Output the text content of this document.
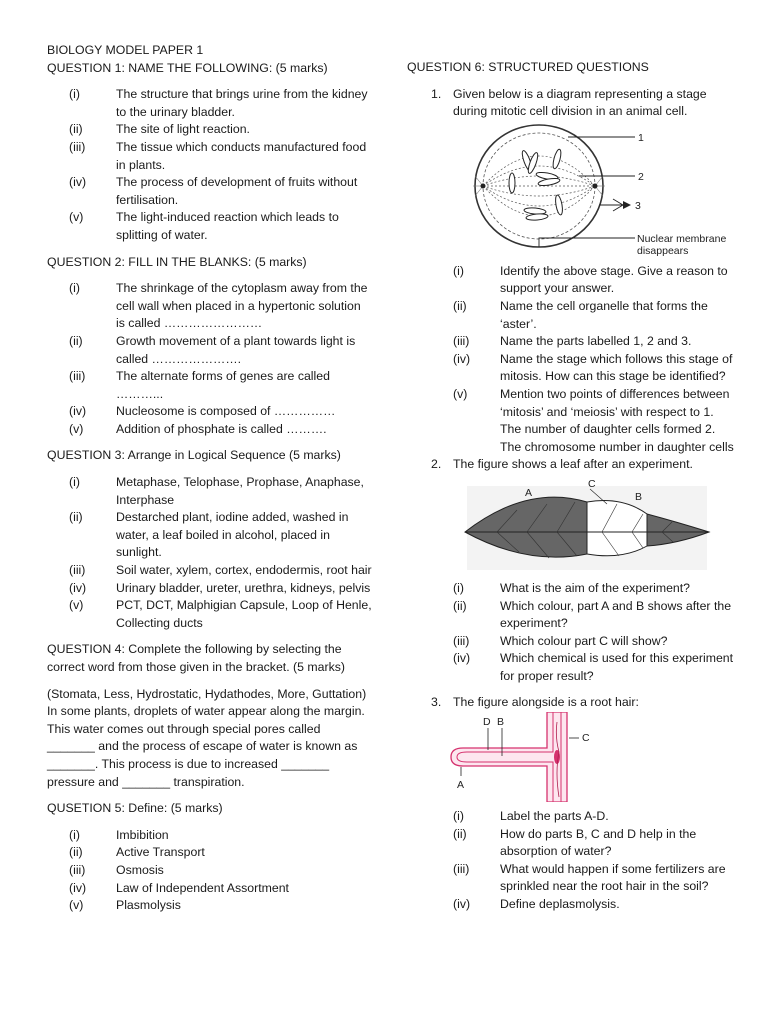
BIOLOGY MODEL PAPER 1
QUESTION 1: NAME THE FOLLOWING: (5 marks)
(i)	The structure that brings urine from the kidney to the urinary bladder.
(ii)	The site of light reaction.
(iii)	The tissue which conducts manufactured food in plants.
(iv)	The process of development of fruits without fertilisation.
(v)	The light-induced reaction which leads to splitting of water.
QUESTION 2: FILL IN THE BLANKS: (5 marks)
(i)	The shrinkage of the cytoplasm away from the cell wall when placed in a hypertonic solution is called ……………………
(ii)	Growth movement of a plant towards light is called ………………….
(iii)	The alternate forms of genes are called ………...
(iv)	Nucleosome is composed of ……………
(v)	Addition of phosphate is called ……….
QUESTION 3: Arrange in Logical Sequence (5 marks)
(i)	Metaphase, Telophase, Prophase, Anaphase, Interphase
(ii)	Destarched plant, iodine added, washed in water, a leaf boiled in alcohol, placed in sunlight.
(iii)	Soil water, xylem, cortex, endodermis, root hair
(iv)	Urinary bladder, ureter, urethra, kidneys, pelvis
(v)	PCT, DCT, Malphigian Capsule, Loop of Henle, Collecting ducts
QUESTION 4: Complete the following by selecting the correct word from those given in the bracket. (5 marks)
(Stomata, Less, Hydrostatic, Hydathodes, More, Guttation) In some plants, droplets of water appear along the margin. This water comes out through special pores called _______ and the process of escape of water is known as _______. This process is due to increased _______ pressure and _______ transpiration.
QUSETION 5: Define: (5 marks)
(i)	Imbibition
(ii)	Active Transport
(iii)	Osmosis
(iv)	Law of Independent Assortment
(v)	Plasmolysis
QUESTION 6: STRUCTURED QUESTIONS
1. Given below is a diagram representing a stage during mitotic cell division in an animal cell.
1
2
3
Nuclear membrane
disappears
(i)	Identify the above stage. Give a reason to support your answer.
(ii)	Name the cell organelle that forms the ‘aster’.
(iii)	Name the parts labelled 1, 2 and 3.
(iv)	Name the stage which follows this stage of mitosis. How can this stage be identified?
(v)	Mention two points of differences between ‘mitosis’ and ‘meiosis’ with respect to 1. The number of daughter cells formed 2. The chromosome number in daughter cells
2. The figure shows a leaf after an experiment.
A
C
B
(i)	What is the aim of the experiment?
(ii)	Which colour, part A and B shows after the experiment?
(iii)	Which colour part C will show?
(iv)	Which chemical is used for this experiment for proper result?
3. The figure alongside is a root hair:
D B
C
A
(i)	Label the parts A-D.
(ii)	How do parts B, C and D help in the absorption of water?
(iii)	What would happen if some fertilizers are sprinkled near the root hair in the soil?
(iv)	Define deplasmolysis.
